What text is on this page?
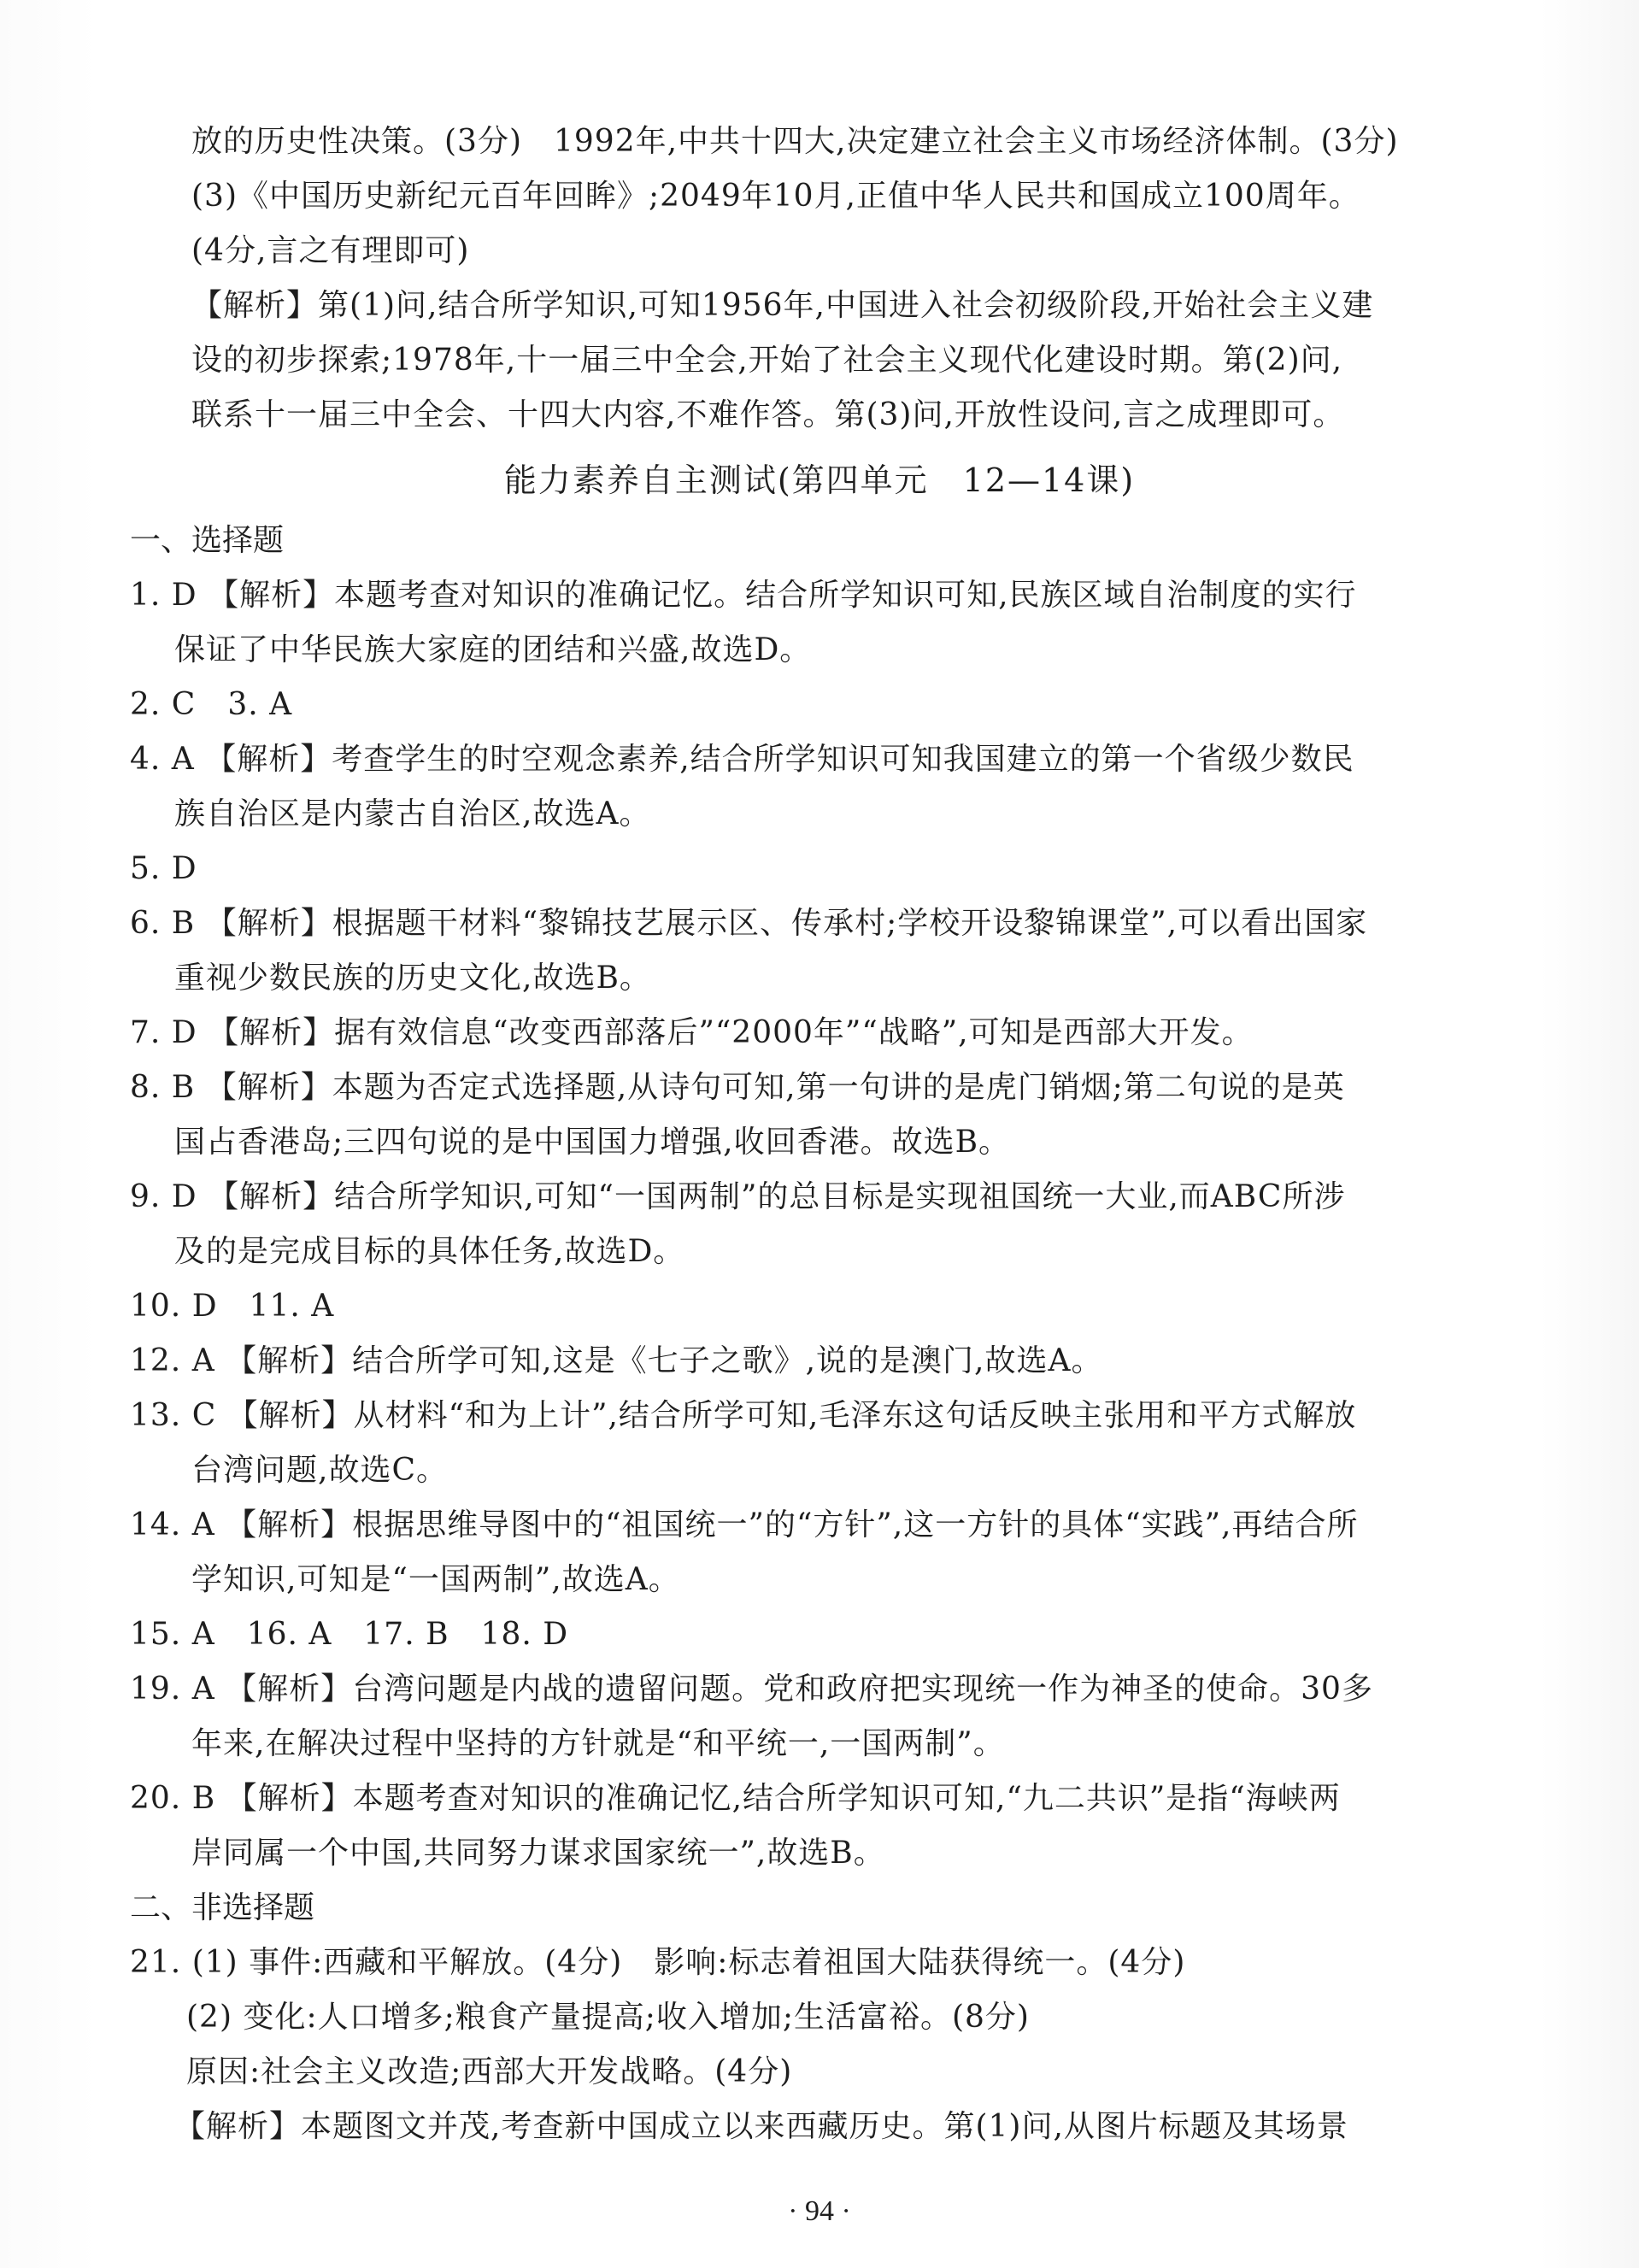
放的历史性决策。(3分)　1992年,中共十四大,决定建立社会主义市场经济体制。(3分)
(3)《中国历史新纪元百年回眸》;2049年10月,正值中华人民共和国成立100周年。
(4分,言之有理即可)
【解析】第(1)问,结合所学知识,可知1956年,中国进入社会初级阶段,开始社会主义建
设的初步探索;1978年,十一届三中全会,开始了社会主义现代化建设时期。第(2)问,
联系十一届三中全会、十四大内容,不难作答。第(3)问,开放性设问,言之成理即可。
能力素养自主测试(第四单元　12—14课)
一、选择题
1. D 【解析】本题考查对知识的准确记忆。结合所学知识可知,民族区域自治制度的实行
保证了中华民族大家庭的团结和兴盛,故选D。
2. C　3. A
4. A 【解析】考查学生的时空观念素养,结合所学知识可知我国建立的第一个省级少数民
族自治区是内蒙古自治区,故选A。
5. D
6. B 【解析】根据题干材料“黎锦技艺展示区、传承村;学校开设黎锦课堂”,可以看出国家
重视少数民族的历史文化,故选B。
7. D 【解析】据有效信息“改变西部落后”“2000年”“战略”,可知是西部大开发。
8. B 【解析】本题为否定式选择题,从诗句可知,第一句讲的是虎门销烟;第二句说的是英
国占香港岛;三四句说的是中国国力增强,收回香港。故选B。
9. D 【解析】结合所学知识,可知“一国两制”的总目标是实现祖国统一大业,而ABC所涉
及的是完成目标的具体任务,故选D。
10. D　11. A
12. A 【解析】结合所学可知,这是《七子之歌》,说的是澳门,故选A。
13. C 【解析】从材料“和为上计”,结合所学可知,毛泽东这句话反映主张用和平方式解放
台湾问题,故选C。
14. A 【解析】根据思维导图中的“祖国统一”的“方针”,这一方针的具体“实践”,再结合所
学知识,可知是“一国两制”,故选A。
15. A　16. A　17. B　18. D
19. A 【解析】台湾问题是内战的遗留问题。党和政府把实现统一作为神圣的使命。30多
年来,在解决过程中坚持的方针就是“和平统一,一国两制”。
20. B 【解析】本题考查对知识的准确记忆,结合所学知识可知,“九二共识”是指“海峡两
岸同属一个中国,共同努力谋求国家统一”,故选B。
二、非选择题
21. (1) 事件:西藏和平解放。(4分)　影响:标志着祖国大陆获得统一。(4分)
(2) 变化:人口增多;粮食产量提高;收入增加;生活富裕。(8分)
原因:社会主义改造;西部大开发战略。(4分)
【解析】本题图文并茂,考查新中国成立以来西藏历史。第(1)问,从图片标题及其场景
· 94 ·
